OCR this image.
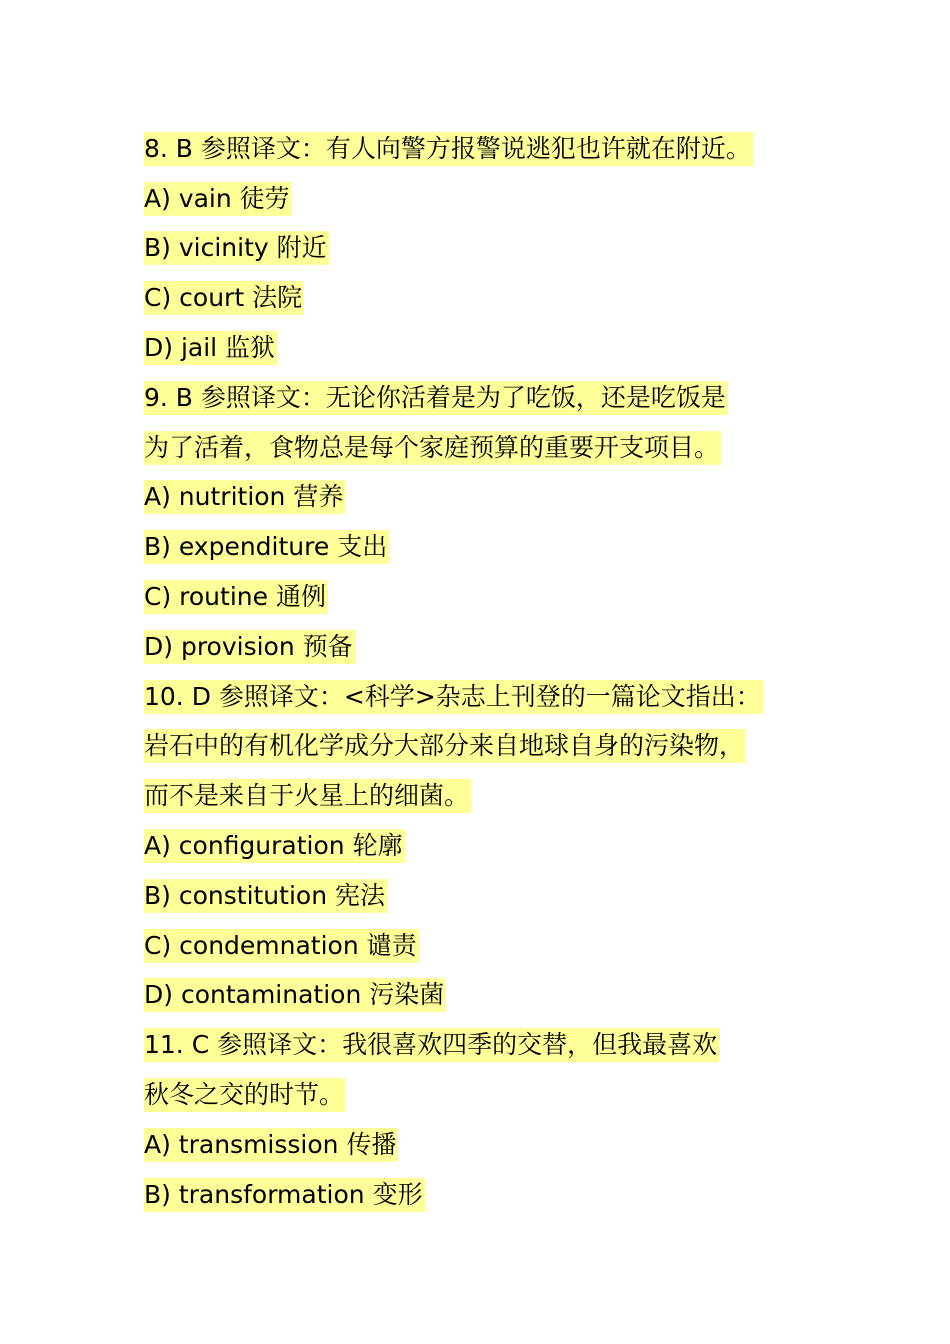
8. B 参照译文：有人向警方报警说逃犯也许就在附近。
A) vain 徒劳
B) vicinity 附近
C) court 法院
D) jail 监狱
9. B 参照译文：无论你活着是为了吃饭，还是吃饭是
为了活着，食物总是每个家庭预算的重要开支项目。
A) nutrition 营养
B) expenditure 支出
C) routine 通例
D) provision 预备
10. D 参照译文：<科学>杂志上刊登的一篇论文指出：
岩石中的有机化学成分大部分来自地球自身的污染物，
而不是来自于火星上的细菌。
A) configuration 轮廓
B) constitution 宪法
C) condemnation 谴责
D) contamination 污染菌
11. C 参照译文：我很喜欢四季的交替，但我最喜欢
秋冬之交的时节。
A) transmission 传播
B) transformation 变形
